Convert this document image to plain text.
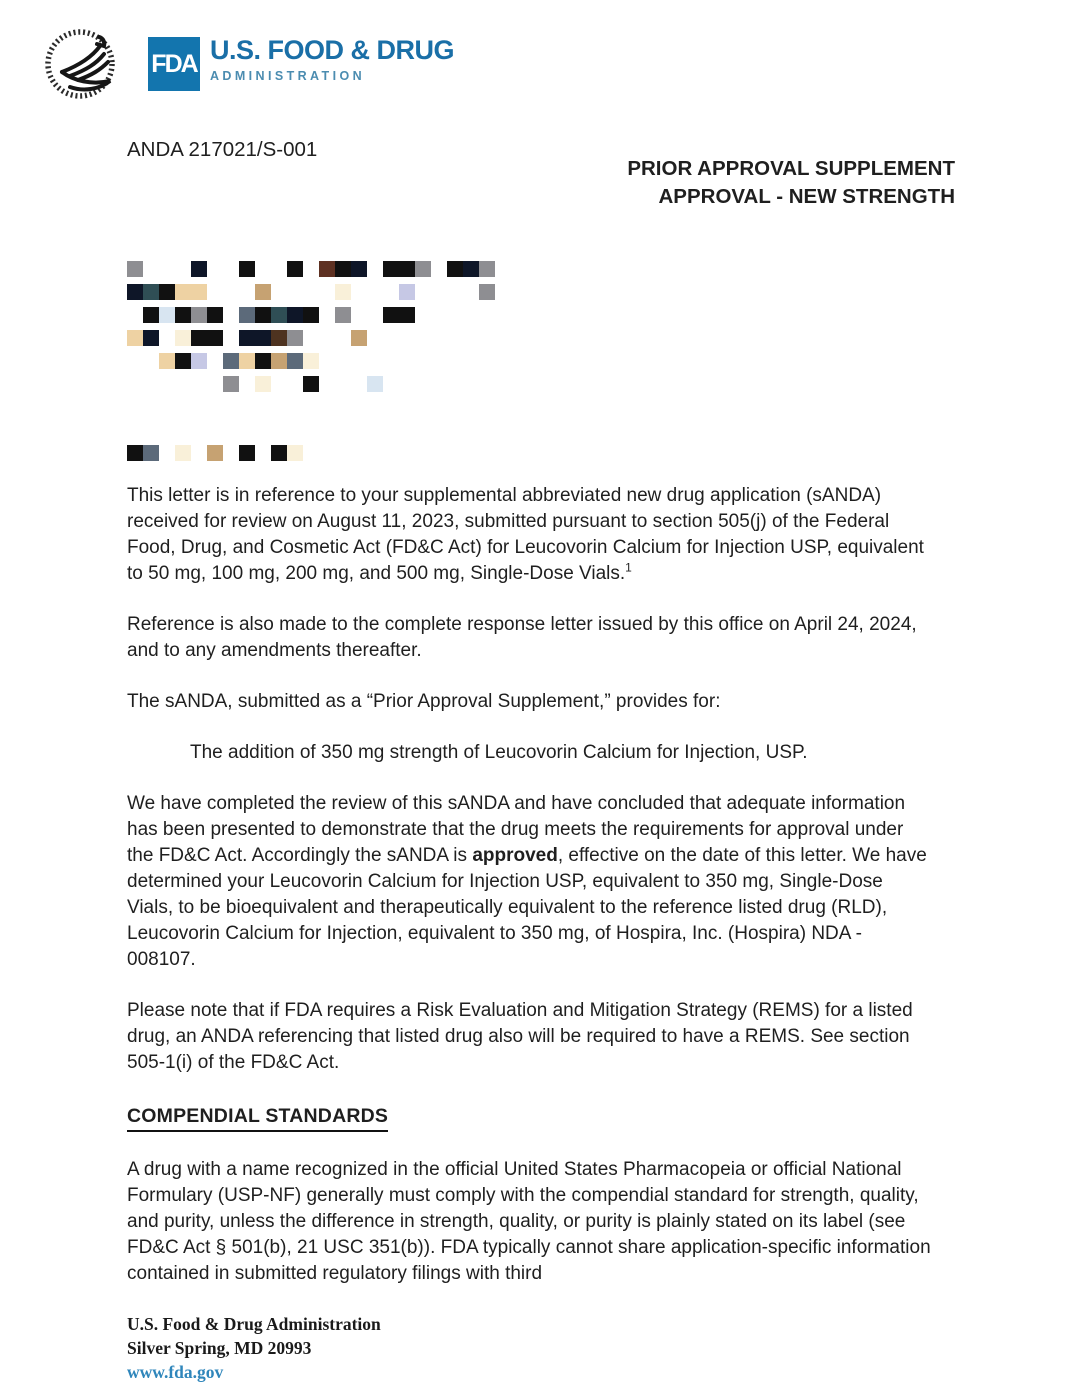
FDA U.S. FOOD & DRUG
ADMINISTRATION
ANDA 217021/S-001
PRIOR APPROVAL SUPPLEMENT
APPROVAL - NEW STRENGTH

This letter is in reference to your supplemental abbreviated new drug application (sANDA) received for review on August 11, 2023, submitted pursuant to section 505(j) of the Federal Food, Drug, and Cosmetic Act (FD&C Act) for Leucovorin Calcium for Injection USP, equivalent to 50 mg, 100 mg, 200 mg, and 500 mg, Single-Dose Vials.$^1$

Reference is also made to the complete response letter issued by this office on April 24, 2024, and to any amendments thereafter.

The sANDA, submitted as a “Prior Approval Supplement,” provides for:

The addition of 350 mg strength of Leucovorin Calcium for Injection, USP.

We have completed the review of this sANDA and have concluded that adequate information has been presented to demonstrate that the drug meets the requirements for approval under the FD&C Act. Accordingly the sANDA is approved, effective on the date of this letter. We have determined your Leucovorin Calcium for Injection USP, equivalent to 350 mg, Single-Dose Vials, to be bioequivalent and therapeutically equivalent to the reference listed drug (RLD), Leucovorin Calcium for Injection, equivalent to 350 mg, of Hospira, Inc. (Hospira) NDA - 008107.

Please note that if FDA requires a Risk Evaluation and Mitigation Strategy (REMS) for a listed drug, an ANDA referencing that listed drug also will be required to have a REMS. See section 505-1(i) of the FD&C Act.

COMPENDIAL STANDARDS

A drug with a name recognized in the official United States Pharmacopeia or official National Formulary (USP-NF) generally must comply with the compendial standard for strength, quality, and purity, unless the difference in strength, quality, or purity is plainly stated on its label (see FD&C Act § 501(b), 21 USC 351(b)). FDA typically cannot share application-specific information contained in submitted regulatory filings with third

U.S. Food & Drug Administration
Silver Spring, MD 20993
www.fda.gov
